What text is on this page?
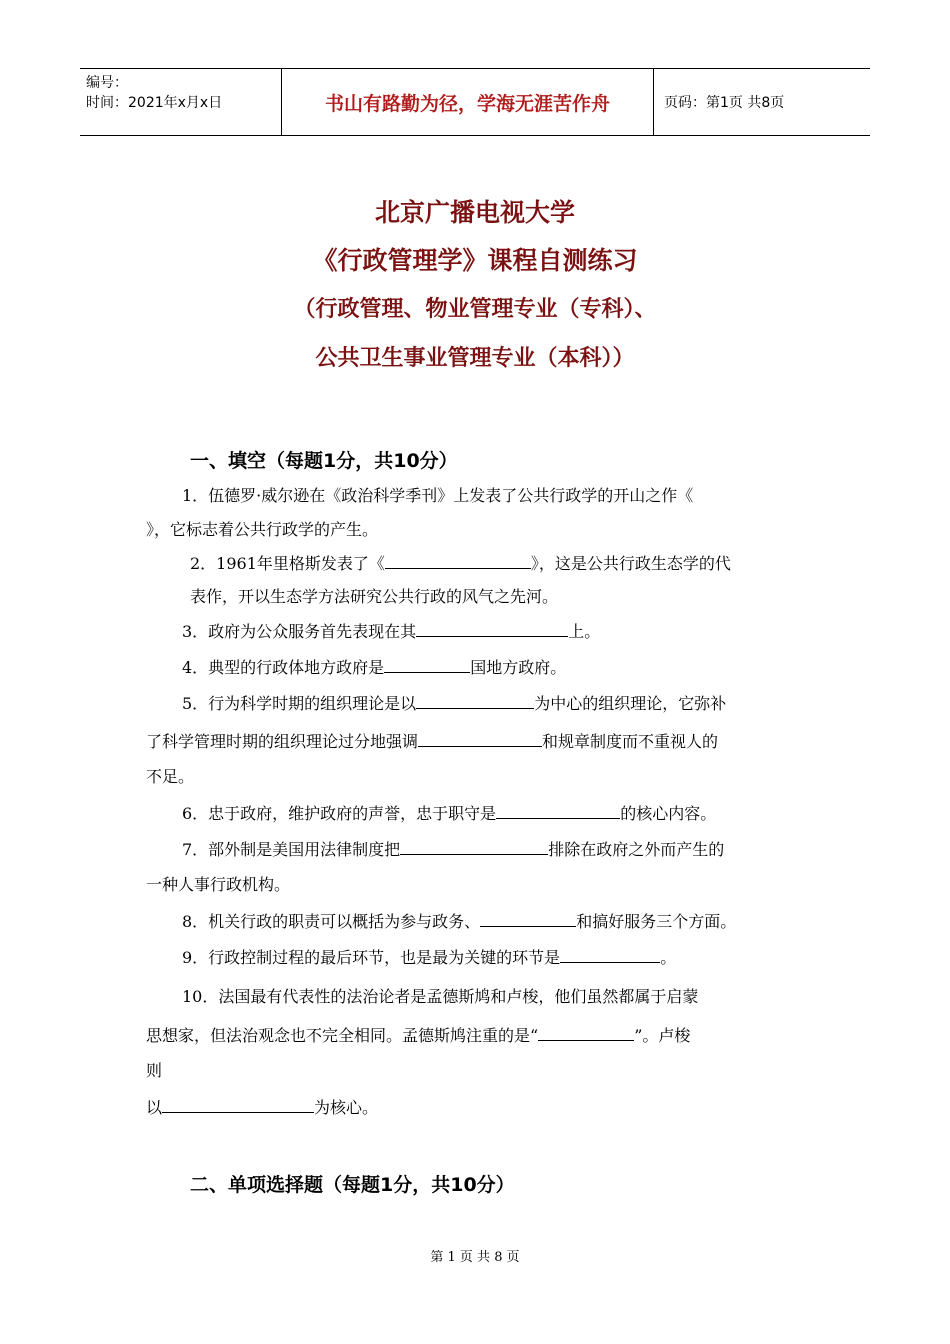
编号：
时间：2021年x月x日	书山有路勤为径，学海无涯苦作舟	页码：第1页 共8页
北京广播电视大学
《行政管理学》课程自测练习
（行政管理、物业管理专业（专科）、
公共卫生事业管理专业（本科））
一、填空（每题1分，共10分）
1．伍德罗·威尔逊在《政治科学季刊》上发表了公共行政学的开山之作《
》，它标志着公共行政学的产生。
2．1961年里格斯发表了《	》，这是公共行政生态学的代
表作，开以生态学方法研究公共行政的风气之先河。
3．政府为公众服务首先表现在其	上。
4．典型的行政体地方政府是	国地方政府。
5．行为科学时期的组织理论是以	为中心的组织理论，它弥补
了科学管理时期的组织理论过分地强调	和规章制度而不重视人的
不足。
6．忠于政府，维护政府的声誉，忠于职守是	的核心内容。
7．部外制是美国用法律制度把	排除在政府之外而产生的
一种人事行政机构。
8．机关行政的职责可以概括为参与政务、	和搞好服务三个方面。
9．行政控制过程的最后环节，也是最为关键的环节是	。
10．法国最有代表性的法治论者是孟德斯鸠和卢梭，他们虽然都属于启蒙
思想家，但法治观念也不完全相同。孟德斯鸠注重的是“	”。卢梭
则
以	为核心。
二、单项选择题（每题1分，共10分）
第 1 页 共 8 页
